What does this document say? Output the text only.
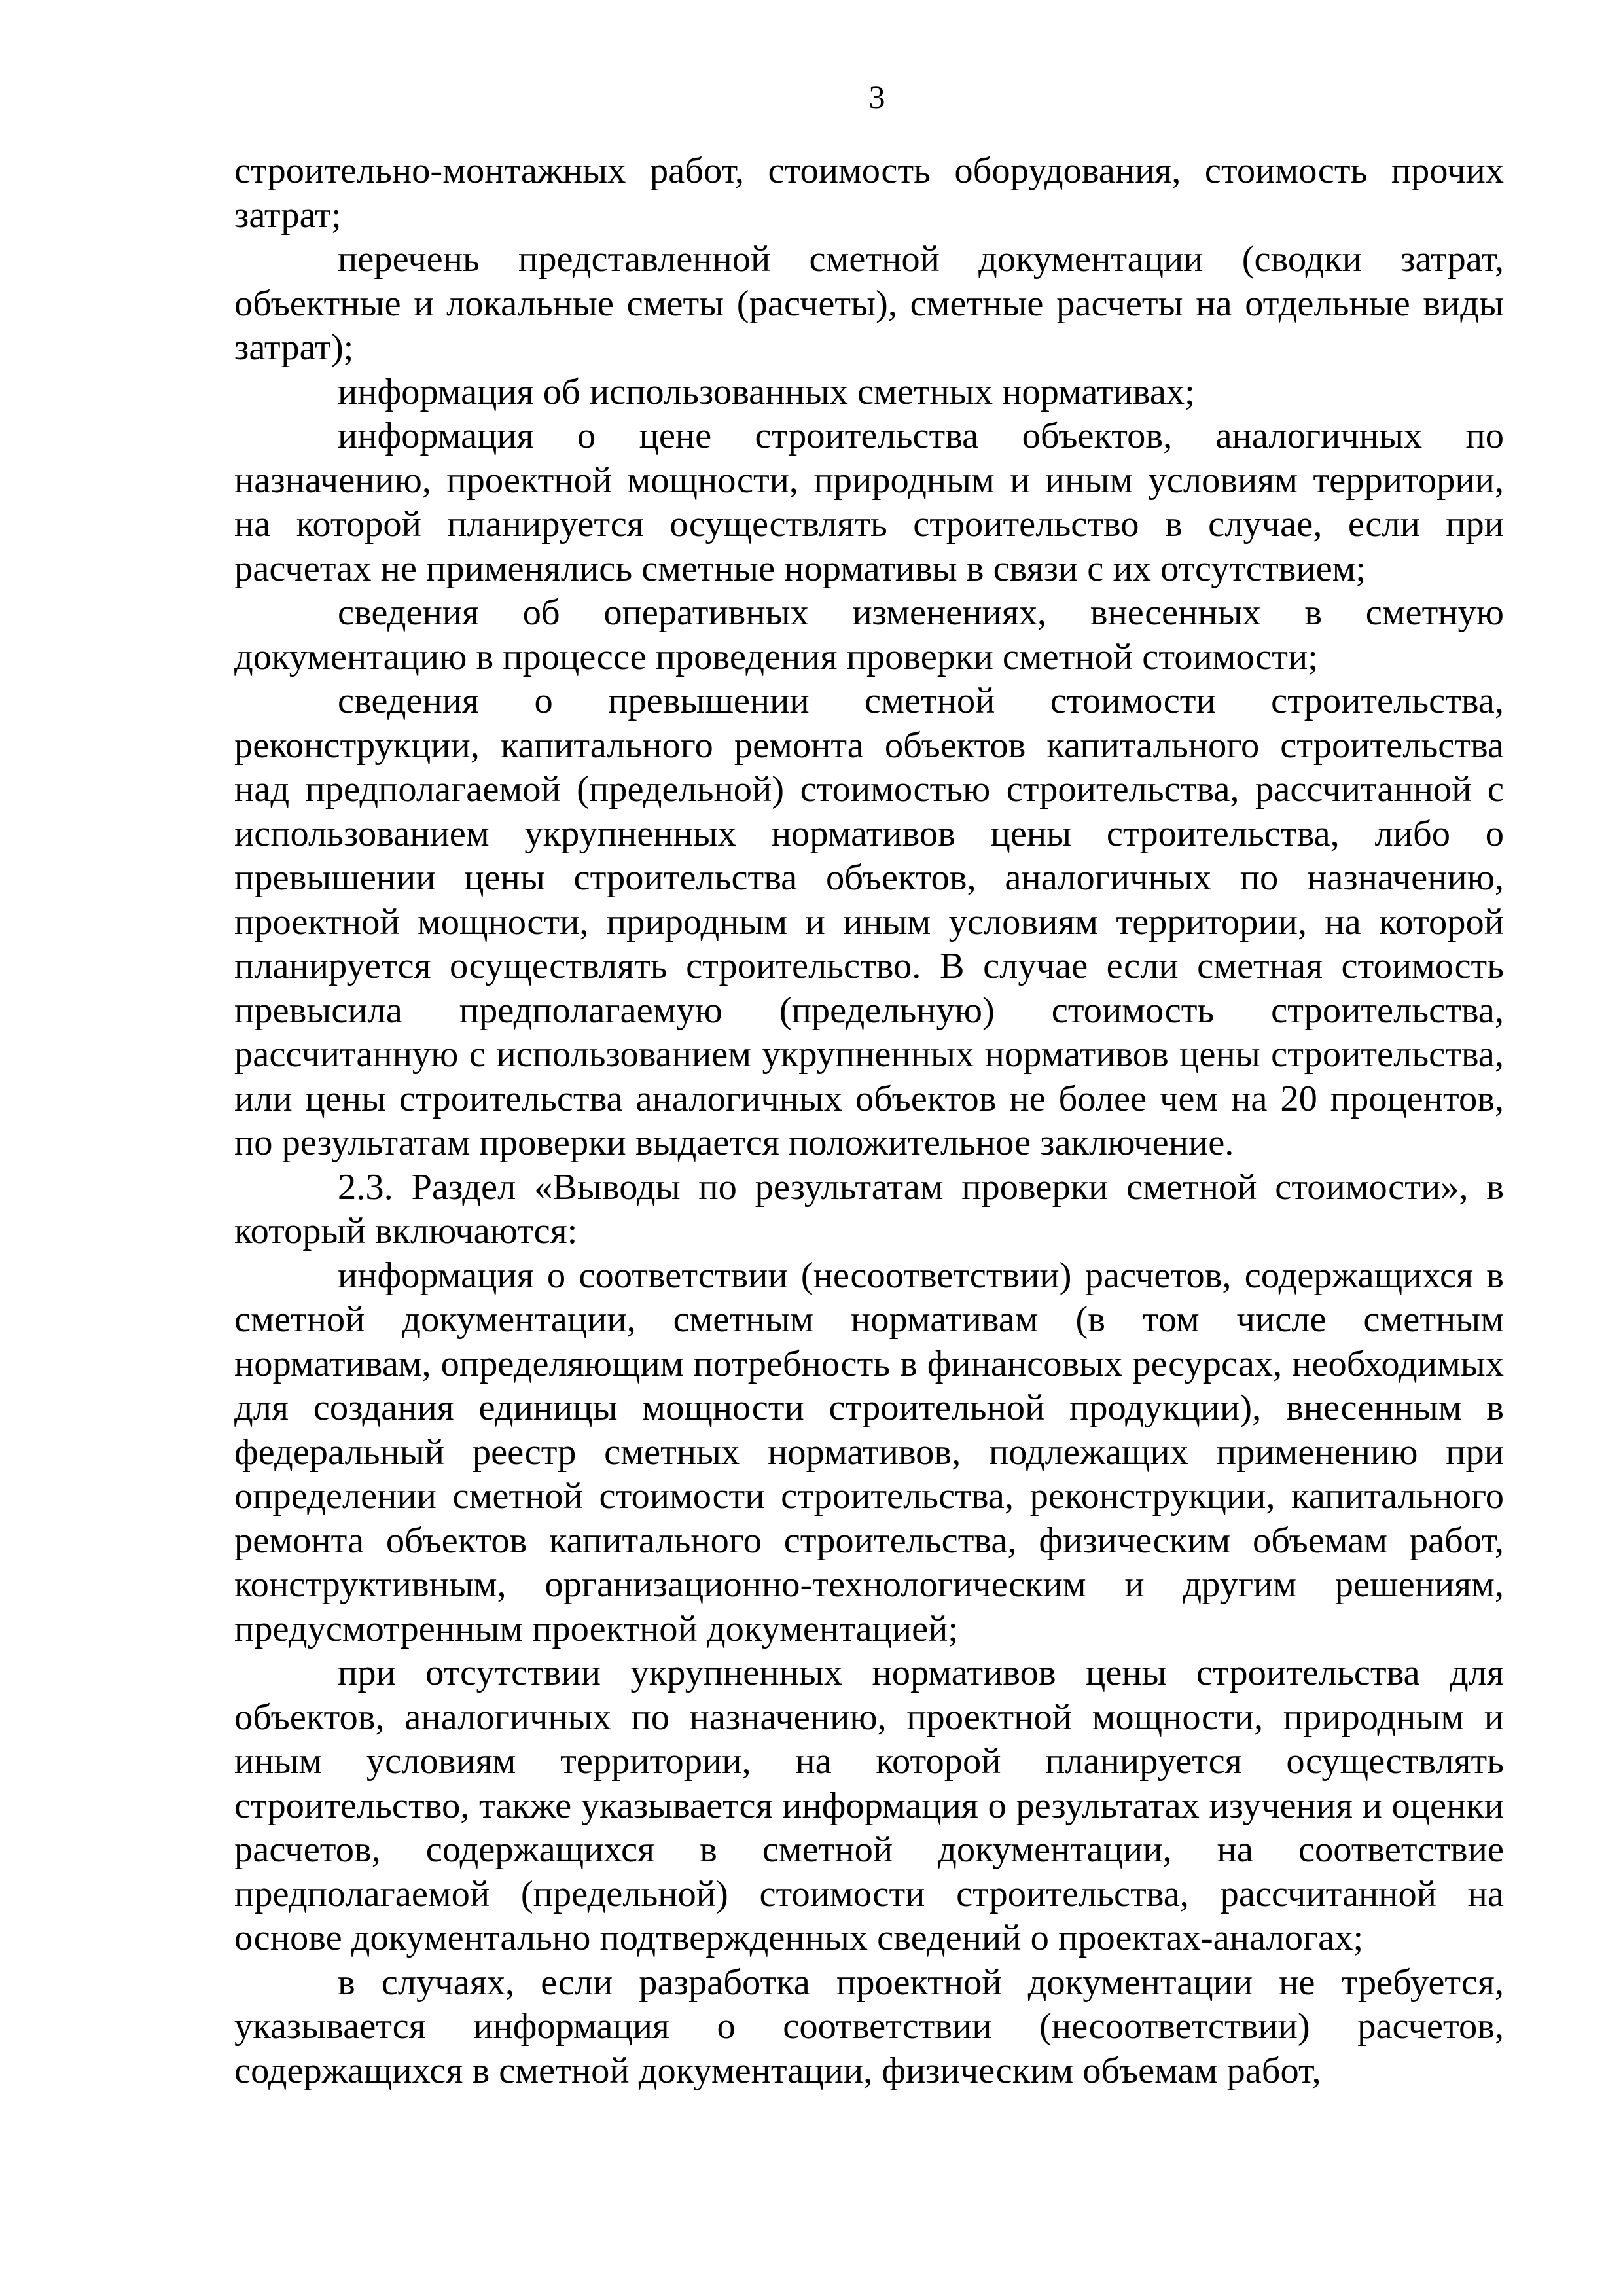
3

строительно-монтажных работ, стоимость оборудования, стоимость прочих затрат;

перечень представленной сметной документации (сводки затрат, объектные и локальные сметы (расчеты), сметные расчеты на отдельные виды затрат);

информация об использованных сметных нормативах;

информация о цене строительства объектов, аналогичных по назначению, проектной мощности, природным и иным условиям территории, на которой планируется осуществлять строительство в случае, если при расчетах не применялись сметные нормативы в связи с их отсутствием;

сведения об оперативных изменениях, внесенных в сметную документацию в процессе проведения проверки сметной стоимости;

сведения о превышении сметной стоимости строительства, реконструкции, капитального ремонта объектов капитального строительства над предполагаемой (предельной) стоимостью строительства, рассчитанной с использованием укрупненных нормативов цены строительства, либо о превышении цены строительства объектов, аналогичных по назначению, проектной мощности, природным и иным условиям территории, на которой планируется осуществлять строительство. В случае если сметная стоимость превысила предполагаемую (предельную) стоимость строительства, рассчитанную с использованием укрупненных нормативов цены строительства, или цены строительства аналогичных объектов не более чем на 20 процентов, по результатам проверки выдается положительное заключение.

2.3. Раздел «Выводы по результатам проверки сметной стоимости», в который включаются:

информация о соответствии (несоответствии) расчетов, содержащихся в сметной документации, сметным нормативам (в том числе сметным нормативам, определяющим потребность в финансовых ресурсах, необходимых для создания единицы мощности строительной продукции), внесенным в федеральный реестр сметных нормативов, подлежащих применению при определении сметной стоимости строительства, реконструкции, капитального ремонта объектов капитального строительства, физическим объемам работ, конструктивным, организационно-технологическим и другим решениям, предусмотренным проектной документацией;

при отсутствии укрупненных нормативов цены строительства для объектов, аналогичных по назначению, проектной мощности, природным и иным условиям территории, на которой планируется осуществлять строительство, также указывается информация о результатах изучения и оценки расчетов, содержащихся в сметной документации, на соответствие предполагаемой (предельной) стоимости строительства, рассчитанной на основе документально подтвержденных сведений о проектах-аналогах;

в случаях, если разработка проектной документации не требуется, указывается информация о соответствии (несоответствии) расчетов, содержащихся в сметной документации, физическим объемам работ,
